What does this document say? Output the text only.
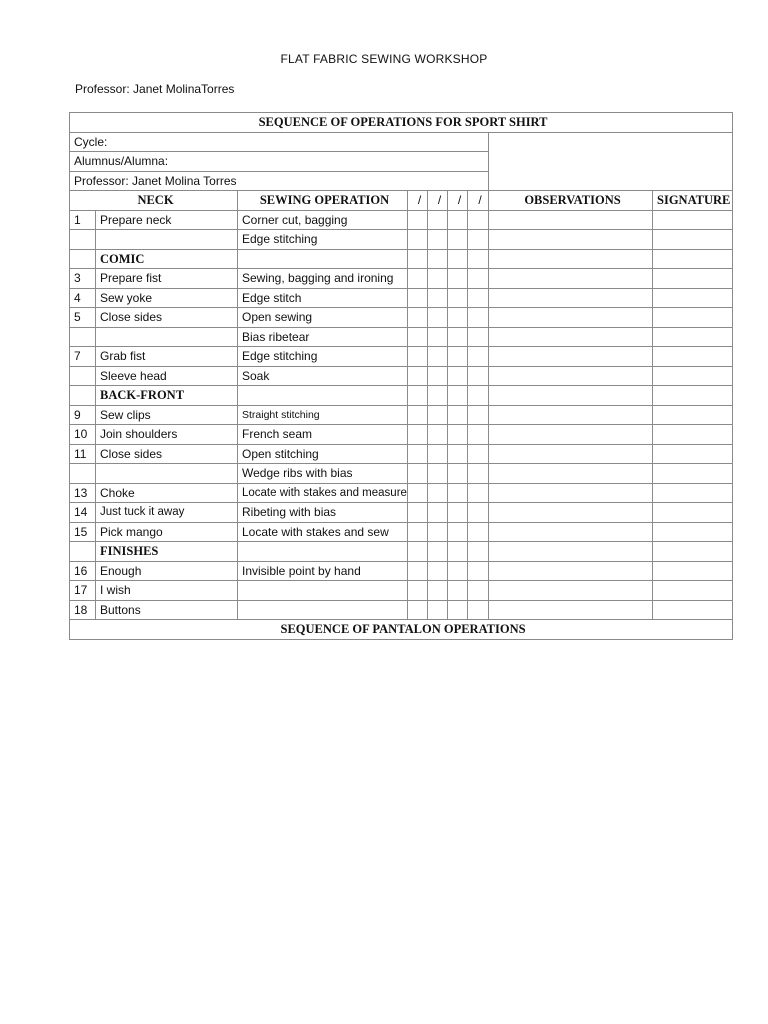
FLAT FABRIC SEWING WORKSHOP
Professor: Janet MolinaTorres
SEQUENCE OF OPERATIONS FOR SPORT SHIRT								
Cycle:								
Alumnus/Alumna:								
Professor: Janet Molina Torres								
NECK		SEWING OPERATION	/	/	/	/	OBSERVATIONS	SIGNATURE
1	Prepare neck	Corner cut, bagging						
		Edge stitching						
	COMIC							
3	Prepare fist	Sewing, bagging and ironing						
4	Sew yoke	Edge stitch						
5	Close sides	Open sewing						
		Bias ribetear						
7	Grab fist	Edge stitching						
	Sleeve head	Soak						
	BACK-FRONT							
9	Sew clips	Straight stitching						
10	Join shoulders	French seam						
11	Close sides	Open stitching						
		Wedge ribs with bias						
13	Choke	Locate with stakes and measure						
14	Just tuck it away	Ribeting with bias						
15	Pick mango	Locate with stakes and sew						
	FINISHES							
16	Enough	Invisible point by hand						
17	I wish							
18	Buttons							
SEQUENCE OF PANTALON OPERATIONS								
